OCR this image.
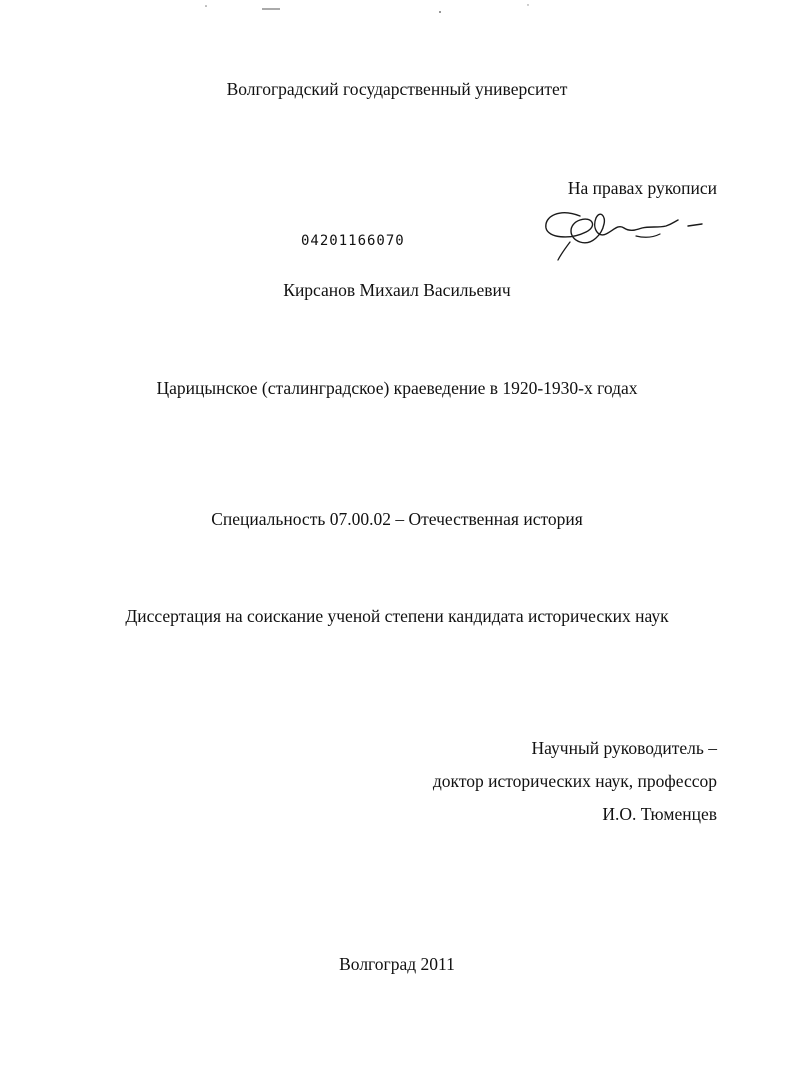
Волгоградский государственный университет
На правах рукописи
04201166070
Кирсанов Михаил Васильевич
Царицынское (сталинградское) краеведение в 1920-1930-х годах
Специальность 07.00.02 – Отечественная история
Диссертация на соискание ученой степени кандидата исторических наук
Научный руководитель –
доктор исторических наук, профессор
И.О. Тюменцев
Волгоград 2011
